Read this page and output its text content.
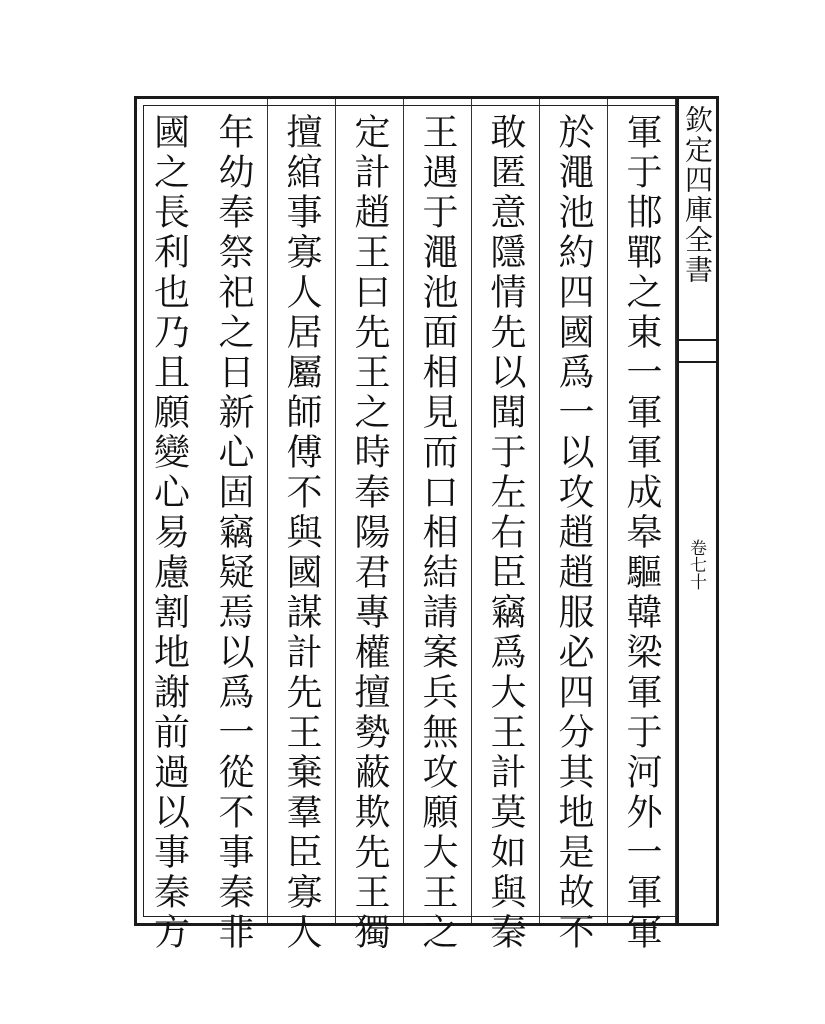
軍于邯鄲之東一軍軍成皋驅韓梁軍于河外一軍軍
於澠池約四國爲一以攻趙趙服必四分其地是故不
敢匿意隱情先以聞于左右臣竊爲大王計莫如與秦
王遇于澠池面相見而口相結請案兵無攻願大王之
定計趙王曰先王之時奉陽君專權擅勢蔽欺先王獨
擅綰事寡人居屬師傅不與國謀計先王棄羣臣寡人
年幼奉祭祀之日新心固竊疑焉以爲一從不事秦非
國之長利也乃且願變心易慮割地謝前過以事秦方	欽定四庫全書
卷七十
